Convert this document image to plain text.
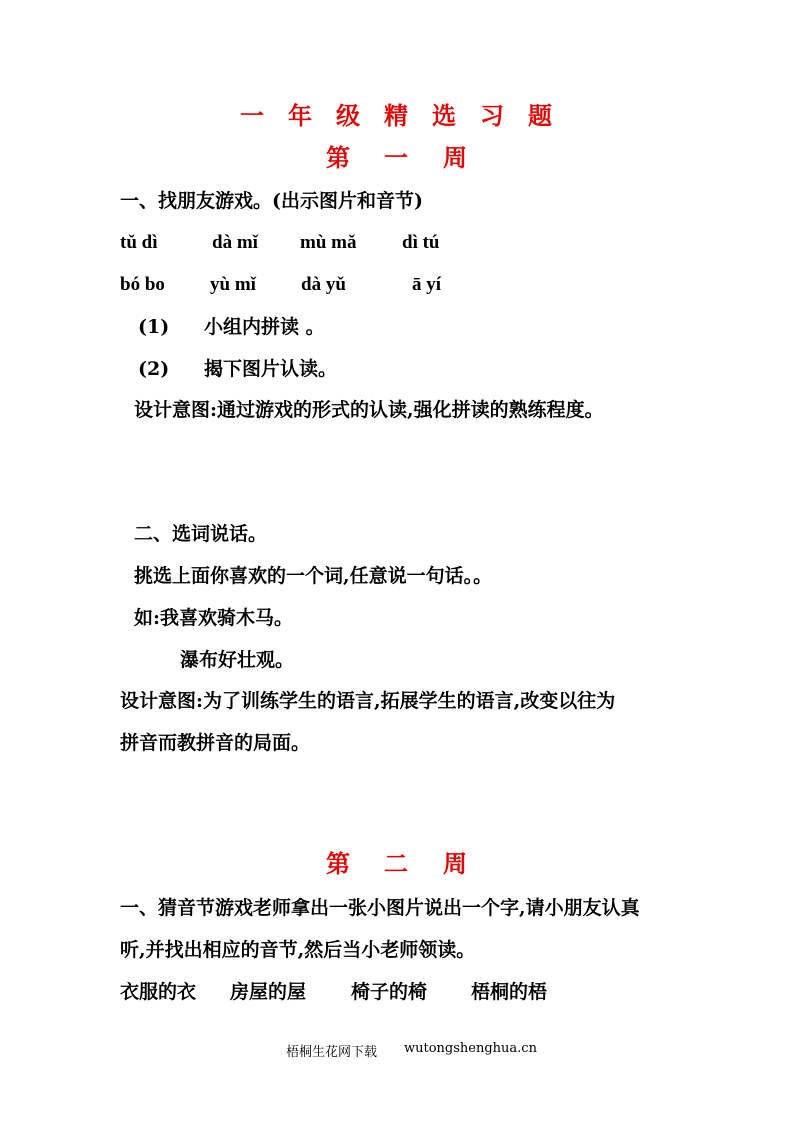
一 年 级 精 选 习 题
第 一 周
一、找朋友游戏。(出示图片和音节)
tǔ dì	dà mǐ mù mǎ dì tú
bó bo yù mǐ dà yǔ	ā yí
(1) 小组内拼读 。
(2) 揭下图片认读。
设计意图:通过游戏的形式的认读,强化拼读的熟练程度。
二、选词说话。
挑选上面你喜欢的一个词,任意说一句话。。
如:我喜欢骑木马。
瀑布好壮观。
设计意图:为了训练学生的语言,拓展学生的语言,改变以往为
拼音而教拼音的局面。
第 二 周
一、猜音节游戏老师拿出一张小图片说出一个字,请小朋友认真
听,并找出相应的音节,然后当小老师领读。
衣服的衣 房屋的屋 椅子的椅 梧桐的梧
梧桐生花网下载 wutongshenghua.cn
